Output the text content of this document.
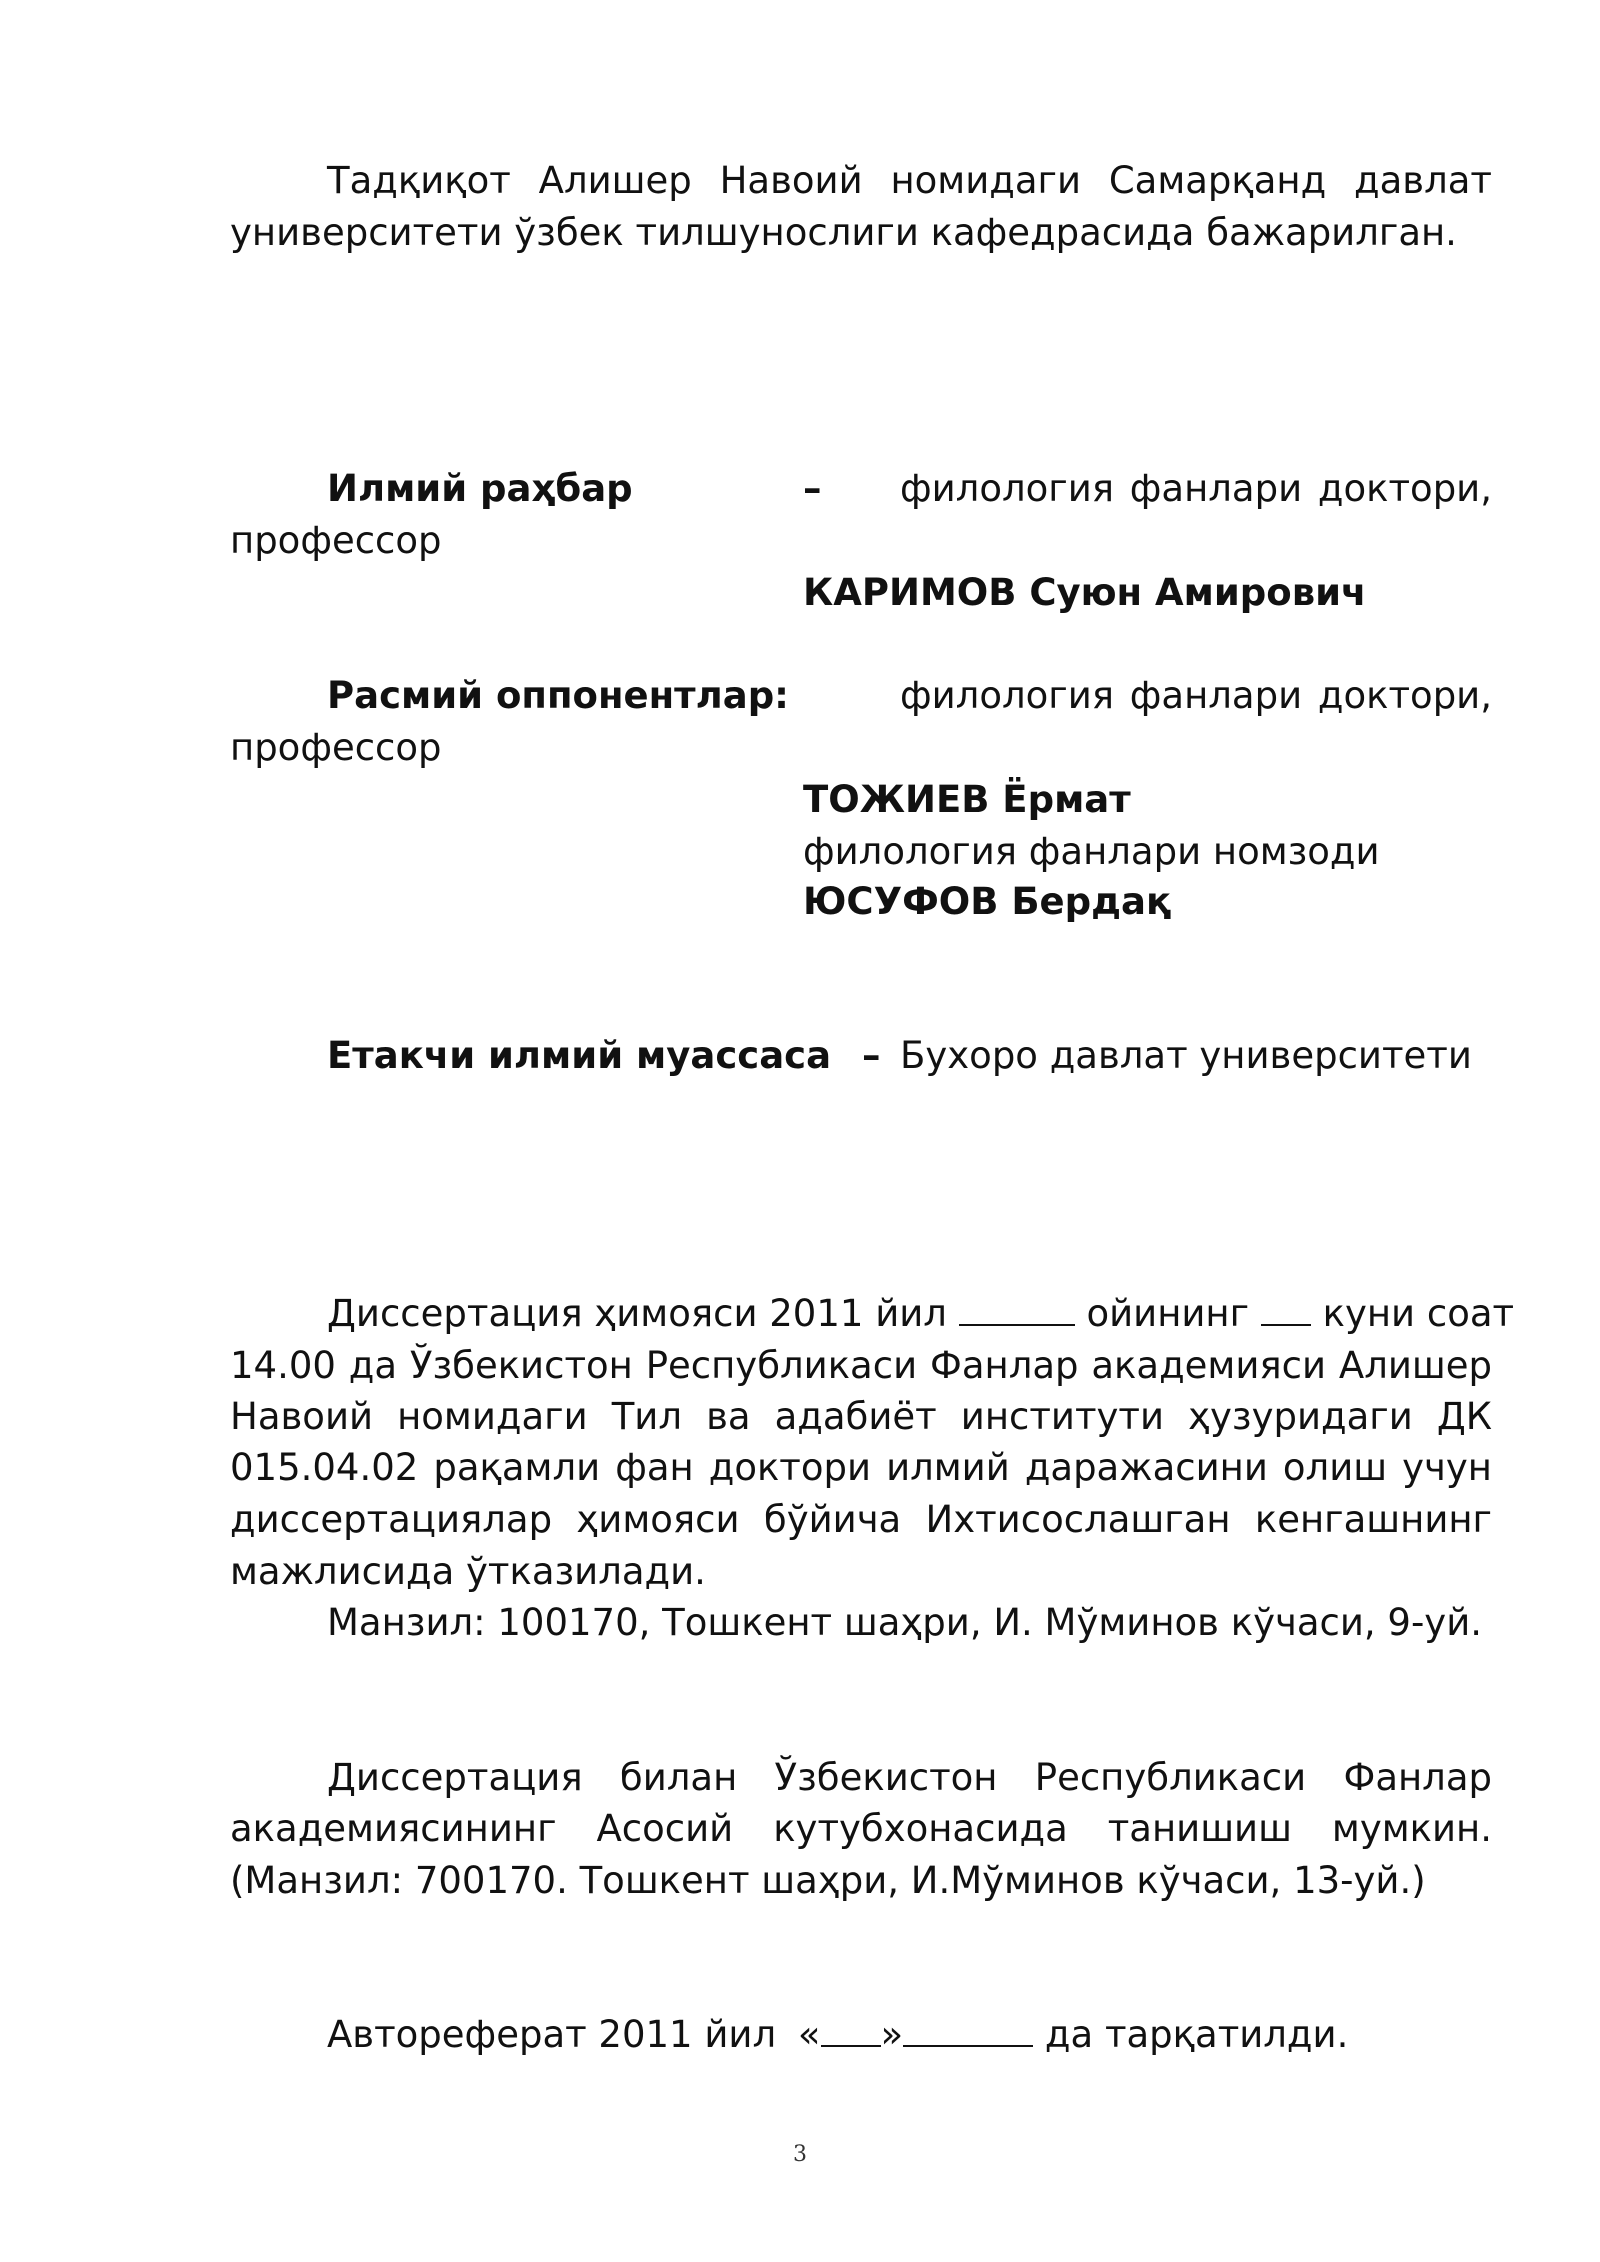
Тадқиқот Алишер Навоий номидаги Самарқанд давлат
университети ўзбек тилшунослиги кафедрасида бажарилган.
Илмий раҳбар	– филология фанлари доктори,
профессор
КАРИМОВ Суюн Амирович
Расмий оппонентлар:	филология фанлари доктори,
профессор
ТОЖИЕВ Ёрмат
филология фанлари номзоди
ЮСУФОВ Бердақ
Етакчи илмий муассаса – Бухоро давлат университети
Диссертация ҳимояси 2011 йил	ойининг куни соат
14.00 да Ўзбекистон Республикаси Фанлар академияси Алишер
Навоий номидаги Тил ва адабиёт институти ҳузуридаги ДК
015.04.02 рақамли фан доктори илмий даражасини олиш учун
диссертациялар ҳимояси бўйича Ихтисослашган кенгашнинг
мажлисида ўтказилади.
Манзил: 100170, Тошкент шаҳри, И. Мўминов кўчаси, 9-уй.
Диссертация билан Ўзбекистон Республикаси Фанлар
академиясининг Асосий кутубхонасида танишиш мумкин.
(Манзил: 700170. Тошкент шаҳри, И.Мўминов кўчаси, 13-уй.)
Автореферат 2011 йил « »	да тарқатилди.
3
